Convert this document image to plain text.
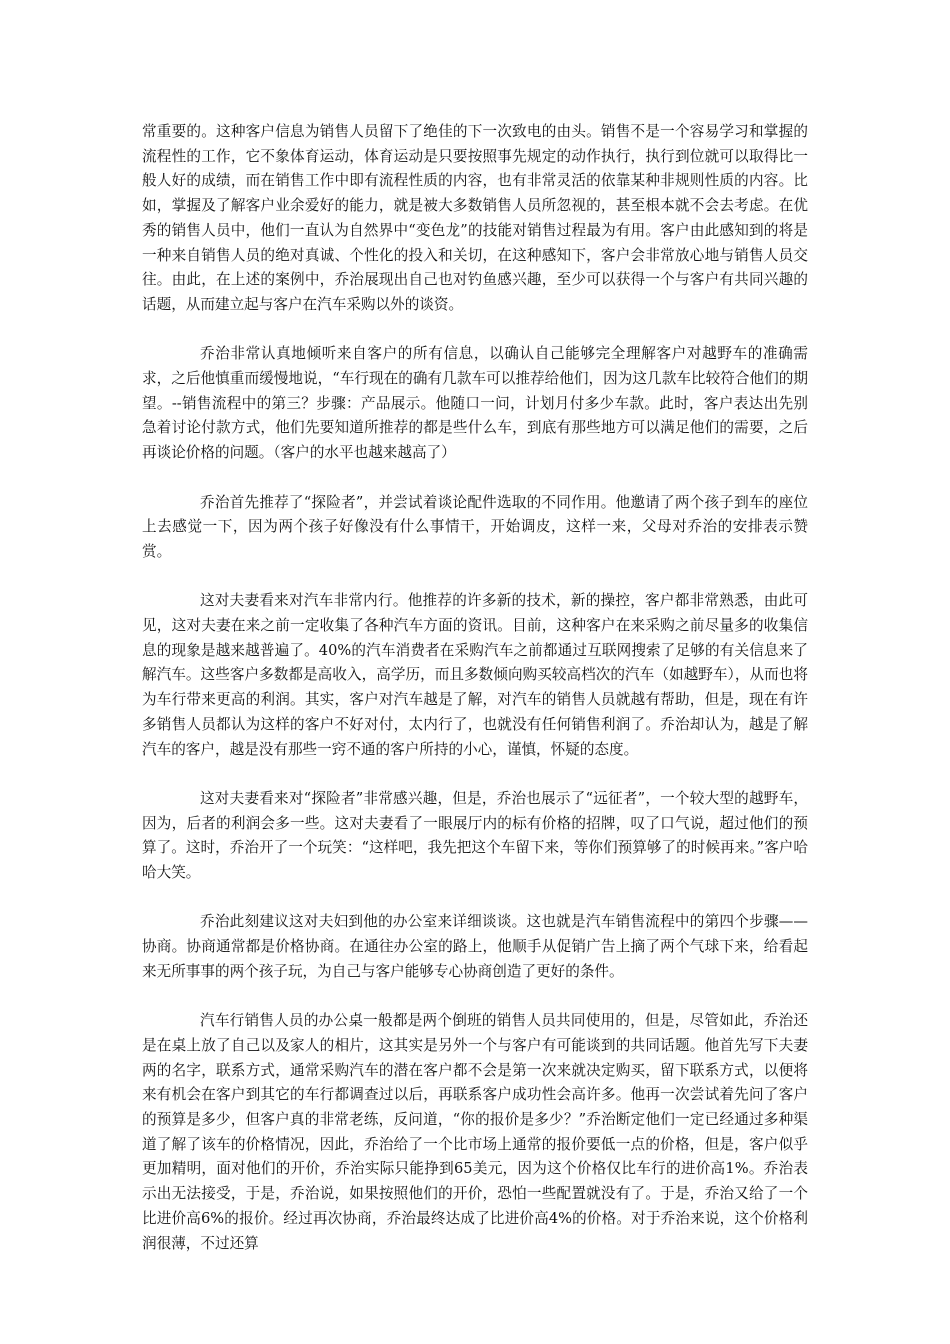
常重要的。这种客户信息为销售人员留下了绝佳的下一次致电的由头。销售不是一个容易学习和掌握的流程性的工作，它不象体育运动，体育运动是只要按照事先规定的动作执行，执行到位就可以取得比一般人好的成绩，而在销售工作中即有流程性质的内容，也有非常灵活的依靠某种非规则性质的内容。比如，掌握及了解客户业余爱好的能力，就是被大多数销售人员所忽视的，甚至根本就不会去考虑。在优秀的销售人员中，他们一直认为自然界中“变色龙”的技能对销售过程最为有用。客户由此感知到的将是一种来自销售人员的绝对真诚、个性化的投入和关切，在这种感知下，客户会非常放心地与销售人员交往。由此，在上述的案例中，乔治展现出自己也对钓鱼感兴趣，至少可以获得一个与客户有共同兴趣的话题，从而建立起与客户在汽车采购以外的谈资。

乔治非常认真地倾听来自客户的所有信息，以确认自己能够完全理解客户对越野车的准确需求，之后他慎重而缓慢地说，“车行现在的确有几款车可以推荐给他们，因为这几款车比较符合他们的期望。--销售流程中的第三？步骤：产品展示。他随口一问，计划月付多少车款。此时，客户表达出先别急着讨论付款方式，他们先要知道所推荐的都是些什么车，到底有那些地方可以满足他们的需要，之后再谈论价格的问题。（客户的水平也越来越高了）

乔治首先推荐了“探险者”，并尝试着谈论配件选取的不同作用。他邀请了两个孩子到车的座位上去感觉一下，因为两个孩子好像没有什么事情干，开始调皮，这样一来，父母对乔治的安排表示赞赏。

这对夫妻看来对汽车非常内行。他推荐的许多新的技术，新的操控，客户都非常熟悉，由此可见，这对夫妻在来之前一定收集了各种汽车方面的资讯。目前，这种客户在来采购之前尽量多的收集信息的现象是越来越普遍了。40%的汽车消费者在采购汽车之前都通过互联网搜索了足够的有关信息来了解汽车。这些客户多数都是高收入，高学历，而且多数倾向购买较高档次的汽车（如越野车），从而也将为车行带来更高的利润。其实，客户对汽车越是了解，对汽车的销售人员就越有帮助，但是，现在有许多销售人员都认为这样的客户不好对付，太内行了，也就没有任何销售利润了。乔治却认为，越是了解汽车的客户，越是没有那些一窍不通的客户所持的小心，谨慎，怀疑的态度。

这对夫妻看来对“探险者”非常感兴趣，但是，乔治也展示了“远征者”，一个较大型的越野车，因为，后者的利润会多一些。这对夫妻看了一眼展厅内的标有价格的招牌，叹了口气说，超过他们的预算了。这时，乔治开了一个玩笑：“这样吧，我先把这个车留下来，等你们预算够了的时候再来。”客户哈哈大笑。

乔治此刻建议这对夫妇到他的办公室来详细谈谈。这也就是汽车销售流程中的第四个步骤——协商。协商通常都是价格协商。在通往办公室的路上，他顺手从促销广告上摘了两个气球下来，给看起来无所事事的两个孩子玩，为自己与客户能够专心协商创造了更好的条件。

汽车行销售人员的办公桌一般都是两个倒班的销售人员共同使用的，但是，尽管如此，乔治还是在桌上放了自己以及家人的相片，这其实是另外一个与客户有可能谈到的共同话题。他首先写下夫妻两的名字，联系方式，通常采购汽车的潜在客户都不会是第一次来就决定购买，留下联系方式，以便将来有机会在客户到其它的车行都调查过以后，再联系客户成功性会高许多。他再一次尝试着先问了客户的预算是多少，但客户真的非常老练，反问道，“你的报价是多少？”乔治断定他们一定已经通过多种渠道了解了该车的价格情况，因此，乔治给了一个比市场上通常的报价要低一点的价格，但是，客户似乎更加精明，面对他们的开价，乔治实际只能挣到65美元，因为这个价格仅比车行的进价高1%。乔治表示出无法接受，于是，乔治说，如果按照他们的开价，恐怕一些配置就没有了。于是，乔治又给了一个比进价高6%的报价。经过再次协商，乔治最终达成了比进价高4%的价格。对于乔治来说，这个价格利润很薄，不过还算
